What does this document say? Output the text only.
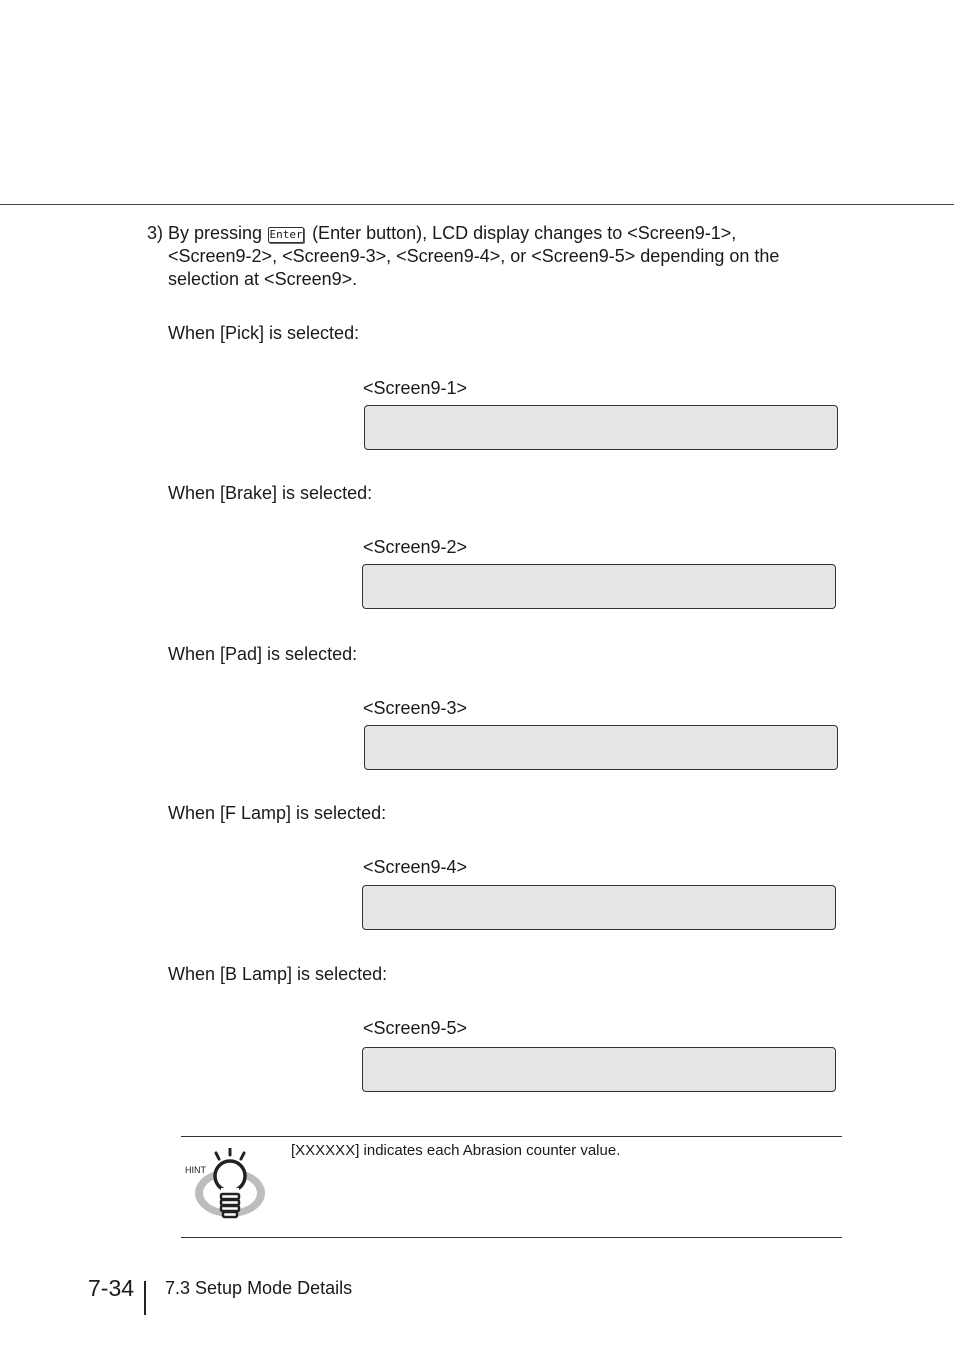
3) By pressing Enter (Enter button), LCD display changes to <Screen9-1>,
<Screen9-2>, <Screen9-3>, <Screen9-4>, or <Screen9-5> depending on the
selection at <Screen9>.
When [Pick] is selected:
<Screen9-1>
When [Brake] is selected:
<Screen9-2>
When [Pad] is selected:
<Screen9-3>
When [F Lamp] is selected:
<Screen9-4>
When [B Lamp] is selected:
<Screen9-5>
HINT
[XXXXXX] indicates each Abrasion counter value.
7-34 7.3 Setup Mode Details
